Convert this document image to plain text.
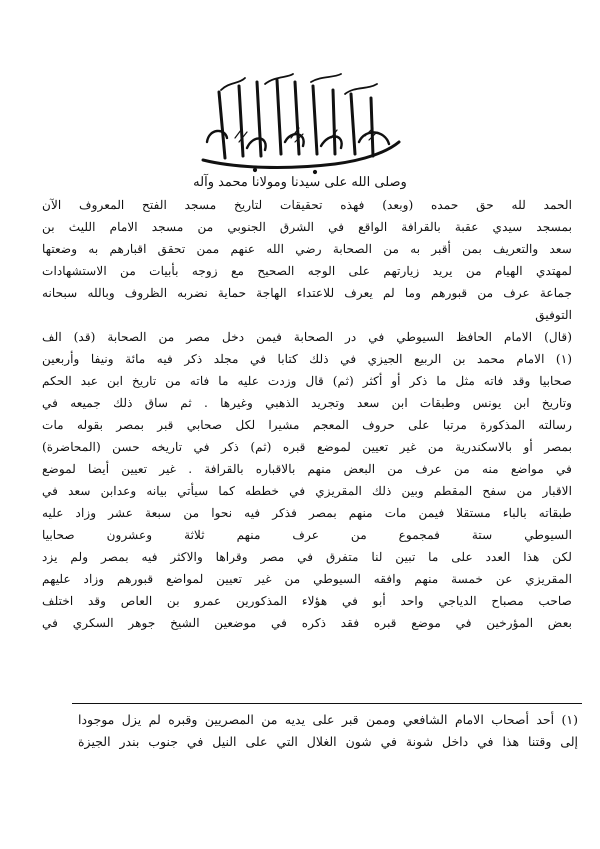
وصلى الله على سيدنا ومولانا محمد وآله
الحمد لله حق حمده (وبعد) فهذه تحقيقات لتاريخ مسجد الفتح المعروف الآن
بمسجد سيدي عقبة بالقرافة الواقع في الشرق الجنوبي من مسجد الامام الليث بن
سعد والتعريف بمن أقبر به من الصحابة رضي الله عنهم ممن تحقق اقبارهم به وضعتها
لمهتدي الهيام من يريد زيارتهم على الوجه الصحيح مع زوجه بأبيات من الاستشهادات
جماعة عرف من قبورهم وما لم يعرف للاعتداء الهاجة حماية نضربه الظروف وبالله سبحانه
التوفيق
(قال) الامام الحافظ السيوطي في در الصحابة فيمن دخل مصر من الصحابة (قد) الف
(١) الامام محمد بن الربيع الجيزي في ذلك كتابا في مجلد ذكر فيه مائة ونيفا وأربعين
صحابيا وقد فاته مثل ما ذكر أو أكثر (ثم) قال وزدت عليه ما فاته من تاريخ ابن عبد الحكم
وتاريخ ابن يونس وطبقات ابن سعد وتجريد الذهبي وغيرها . ثم ساق ذلك جميعه في
رسالته المذكورة مرتبا على حروف المعجم مشيرا لكل صحابي قبر بمصر بقوله مات
بمصر أو بالاسكندرية من غير تعيين لموضع قبره (ثم) ذكر في تاريخه حسن (المحاضرة)
في مواضع منه من عرف من البعض منهم بالاقباره بالقرافة . غير تعيين أيضا لموضع
الاقبار من سفح المقطم وبين ذلك المقريزي في خططه كما سيأتي بيانه وعدابن سعد في
طبقاته بالباء مستقلا فيمن مات منهم بمصر فذكر فيه نحوا من سبعة عشر وزاد عليه
السيوطي ستة فمجموع من عرف منهم ثلاثة وعشرون صحابيا
لكن هذا العدد على ما تبين لنا متفرق في مصر وقراها والاكثر فيه بمصر ولم يزد
المقريزي عن خمسة منهم وافقه السيوطي من غير تعيين لمواضع قبورهم وزاد عليهم
صاحب مصباح الدياجي واحد أبو في هؤلاء المذكورين عمرو بن العاص وقد اختلف
بعض المؤرخين في موضع قبره فقد ذكره في موضعين الشيخ جوهر السكري في
(١) أحد أصحاب الامام الشافعي وممن قبر على يديه من المصريين وقبره لم يزل موجودا
إلى وقتنا هذا في داخل شونة في شون الغلال التي على النيل في جنوب بندر الجيزة
